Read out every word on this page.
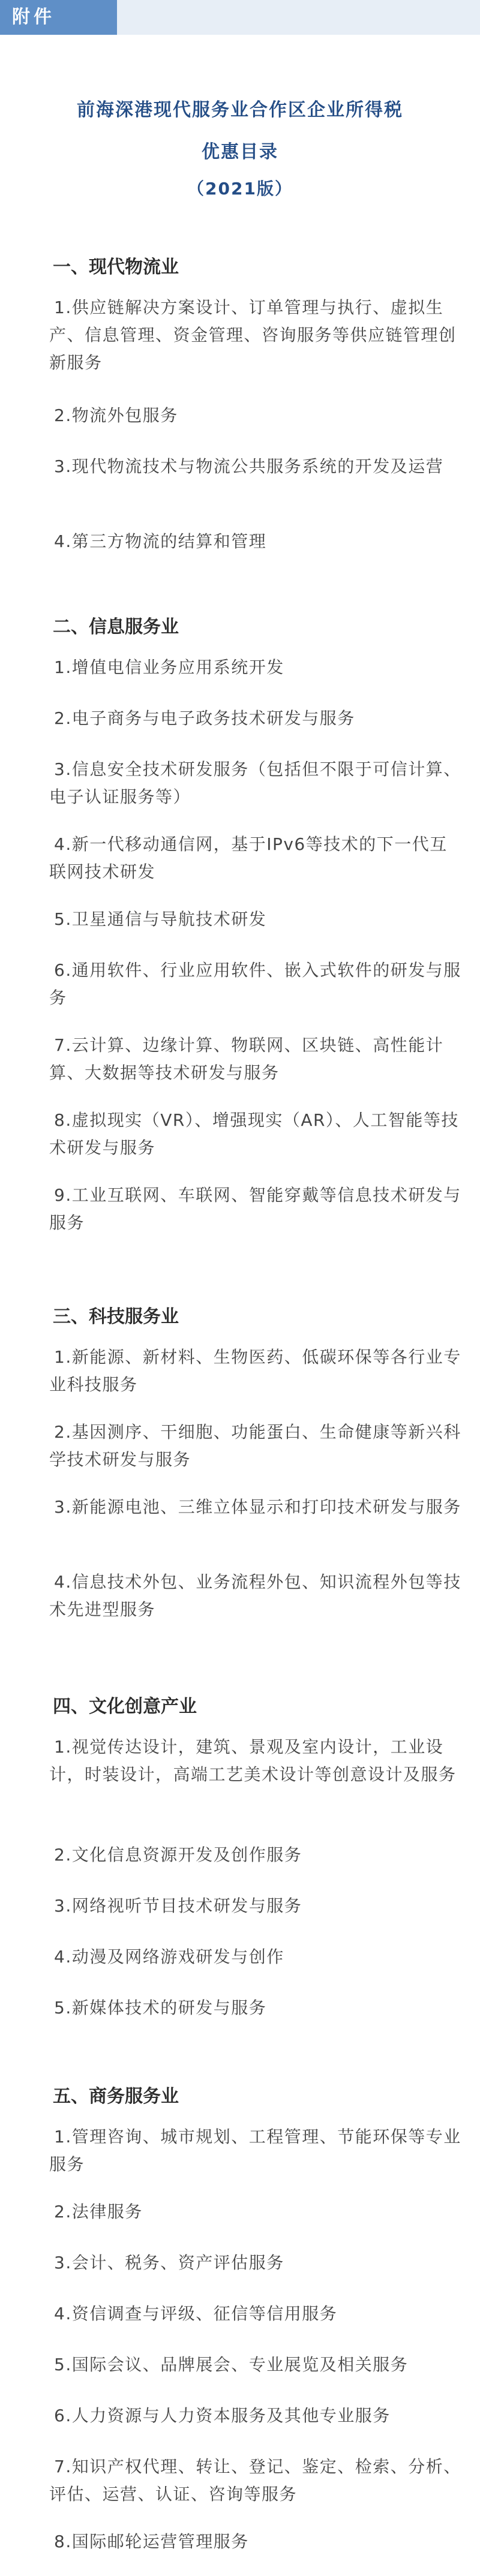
附件
前海深港现代服务业合作区企业所得税
优惠目录
（2021版）
一、现代物流业
1.供应链解决方案设计、订单管理与执行、虚拟生产、信息管理、资金管理、咨询服务等供应链管理创新服务
2.物流外包服务
3.现代物流技术与物流公共服务系统的开发及运营
4.第三方物流的结算和管理
二、信息服务业
1.增值电信业务应用系统开发
2.电子商务与电子政务技术研发与服务
3.信息安全技术研发服务（包括但不限于可信计算、电子认证服务等）
4.新一代移动通信网，基于IPv6等技术的下一代互联网技术研发
5.卫星通信与导航技术研发
6.通用软件、行业应用软件、嵌入式软件的研发与服务
7.云计算、边缘计算、物联网、区块链、高性能计算、大数据等技术研发与服务
8.虚拟现实（VR）、增强现实（AR）、人工智能等技术研发与服务
9.工业互联网、车联网、智能穿戴等信息技术研发与服务
三、科技服务业
1.新能源、新材料、生物医药、低碳环保等各行业专业科技服务
2.基因测序、干细胞、功能蛋白、生命健康等新兴科学技术研发与服务
3.新能源电池、三维立体显示和打印技术研发与服务
4.信息技术外包、业务流程外包、知识流程外包等技术先进型服务
四、文化创意产业
1.视觉传达设计，建筑、景观及室内设计，工业设计，时装设计，高端工艺美术设计等创意设计及服务
2.文化信息资源开发及创作服务
3.网络视听节目技术研发与服务
4.动漫及网络游戏研发与创作
5.新媒体技术的研发与服务
五、商务服务业
1.管理咨询、城市规划、工程管理、节能环保等专业服务
2.法律服务
3.会计、税务、资产评估服务
4.资信调查与评级、征信等信用服务
5.国际会议、品牌展会、专业展览及相关服务
6.人力资源与人力资本服务及其他专业服务
7.知识产权代理、转让、登记、鉴定、检索、分析、评估、运营、认证、咨询等服务
8.国际邮轮运营管理服务
